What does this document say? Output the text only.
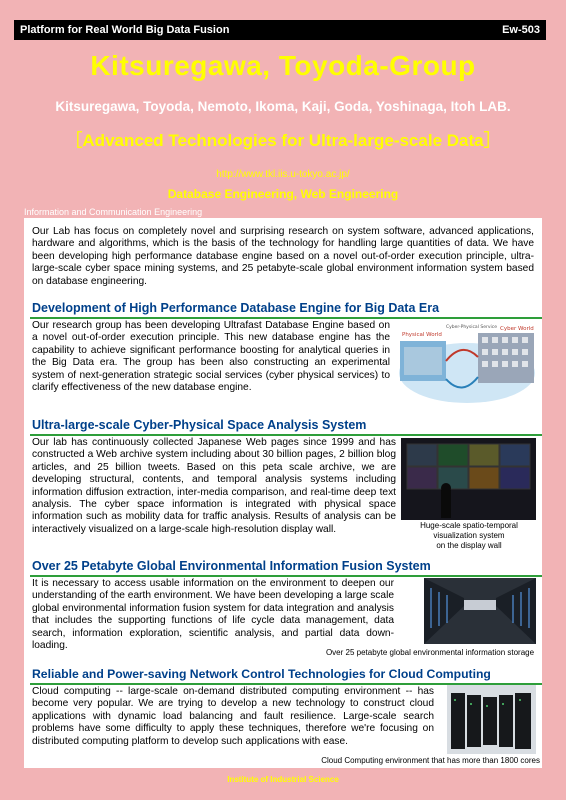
Platform for Real World Big Data Fusion	Ew-503
Kitsuregawa, Toyoda-Group
Kitsuregawa, Toyoda, Nemoto, Ikoma, Kaji, Goda, Yoshinaga, Itoh LAB.
［Advanced Technologies for Ultra-large-scale Data］
http://www.tkl.iis.u-tokyo.ac.jp/
Database Engineering, Web Engineering
Information and Communication Engineering

Our Lab has focus on completely novel and surprising research on system software, advanced applications, hardware and algorithms, which is the basis of the technology for handling large quantities of data. We have been developing high performance database engine based on a novel out-of-order execution principle, ultra-large-scale cyber space mining systems, and 25 petabyte-scale global environment information system based on database engineering.

Development of High Performance Database Engine for Big Data Era

Our research group has been developing Ultrafast Database Engine based on a novel out-of-order execution principle. This new database engine has the capability to achieve significant performance boosting for analytical queries in the Big Data era. The group has been also constructing an experimental system of next-generation strategic social services (cyber physical services) to clarify effectiveness of the new database engine.

Physical World
Cyber-Physical Service Cyber World
Ultra-large-scale Cyber-Physical Space Analysis System

Our lab has continuously collected Japanese Web pages since 1999 and has constructed a Web archive system including about 30 billion pages, 2 billion blog articles, and 25 billion tweets. Based on this peta scale archive, we are developing structural, contents, and temporal analysis systems including information diffusion extraction, inter-media comparison, and real-time deep text analysis. The cyber space information is integrated with physical space information such as mobility data for traffic analysis. Results of analysis can be interactively visualized on a large-scale high-resolution display wall.	Huge-scale spatio-temporal
visualization system
on the display wall
Over 25 Petabyte Global Environmental Information Fusion System

It is necessary to access usable information on the environment to deepen our understanding of the earth environment. We have been developing a large scale global environmental information fusion system for data integration and analysis that includes the supporting functions of life cycle data management, data search, information exploration, scientific analysis, and partial data down-loading.

Over 25 petabyte global environmental information storage
Reliable and Power-saving Network Control Technologies for Cloud Computing

Cloud computing -- large-scale on-demand distributed computing environment -- has become very popular. We are trying to develop a new technology to construct cloud applications with dynamic load balancing and fault resilience. Large-scale search problems have some difficulty to apply these techniques, therefore we're focusing on distributed computing platform to develop such applications with ease.

Cloud Computing environment that has more than 1800 cores
Institute of Industrial Science
